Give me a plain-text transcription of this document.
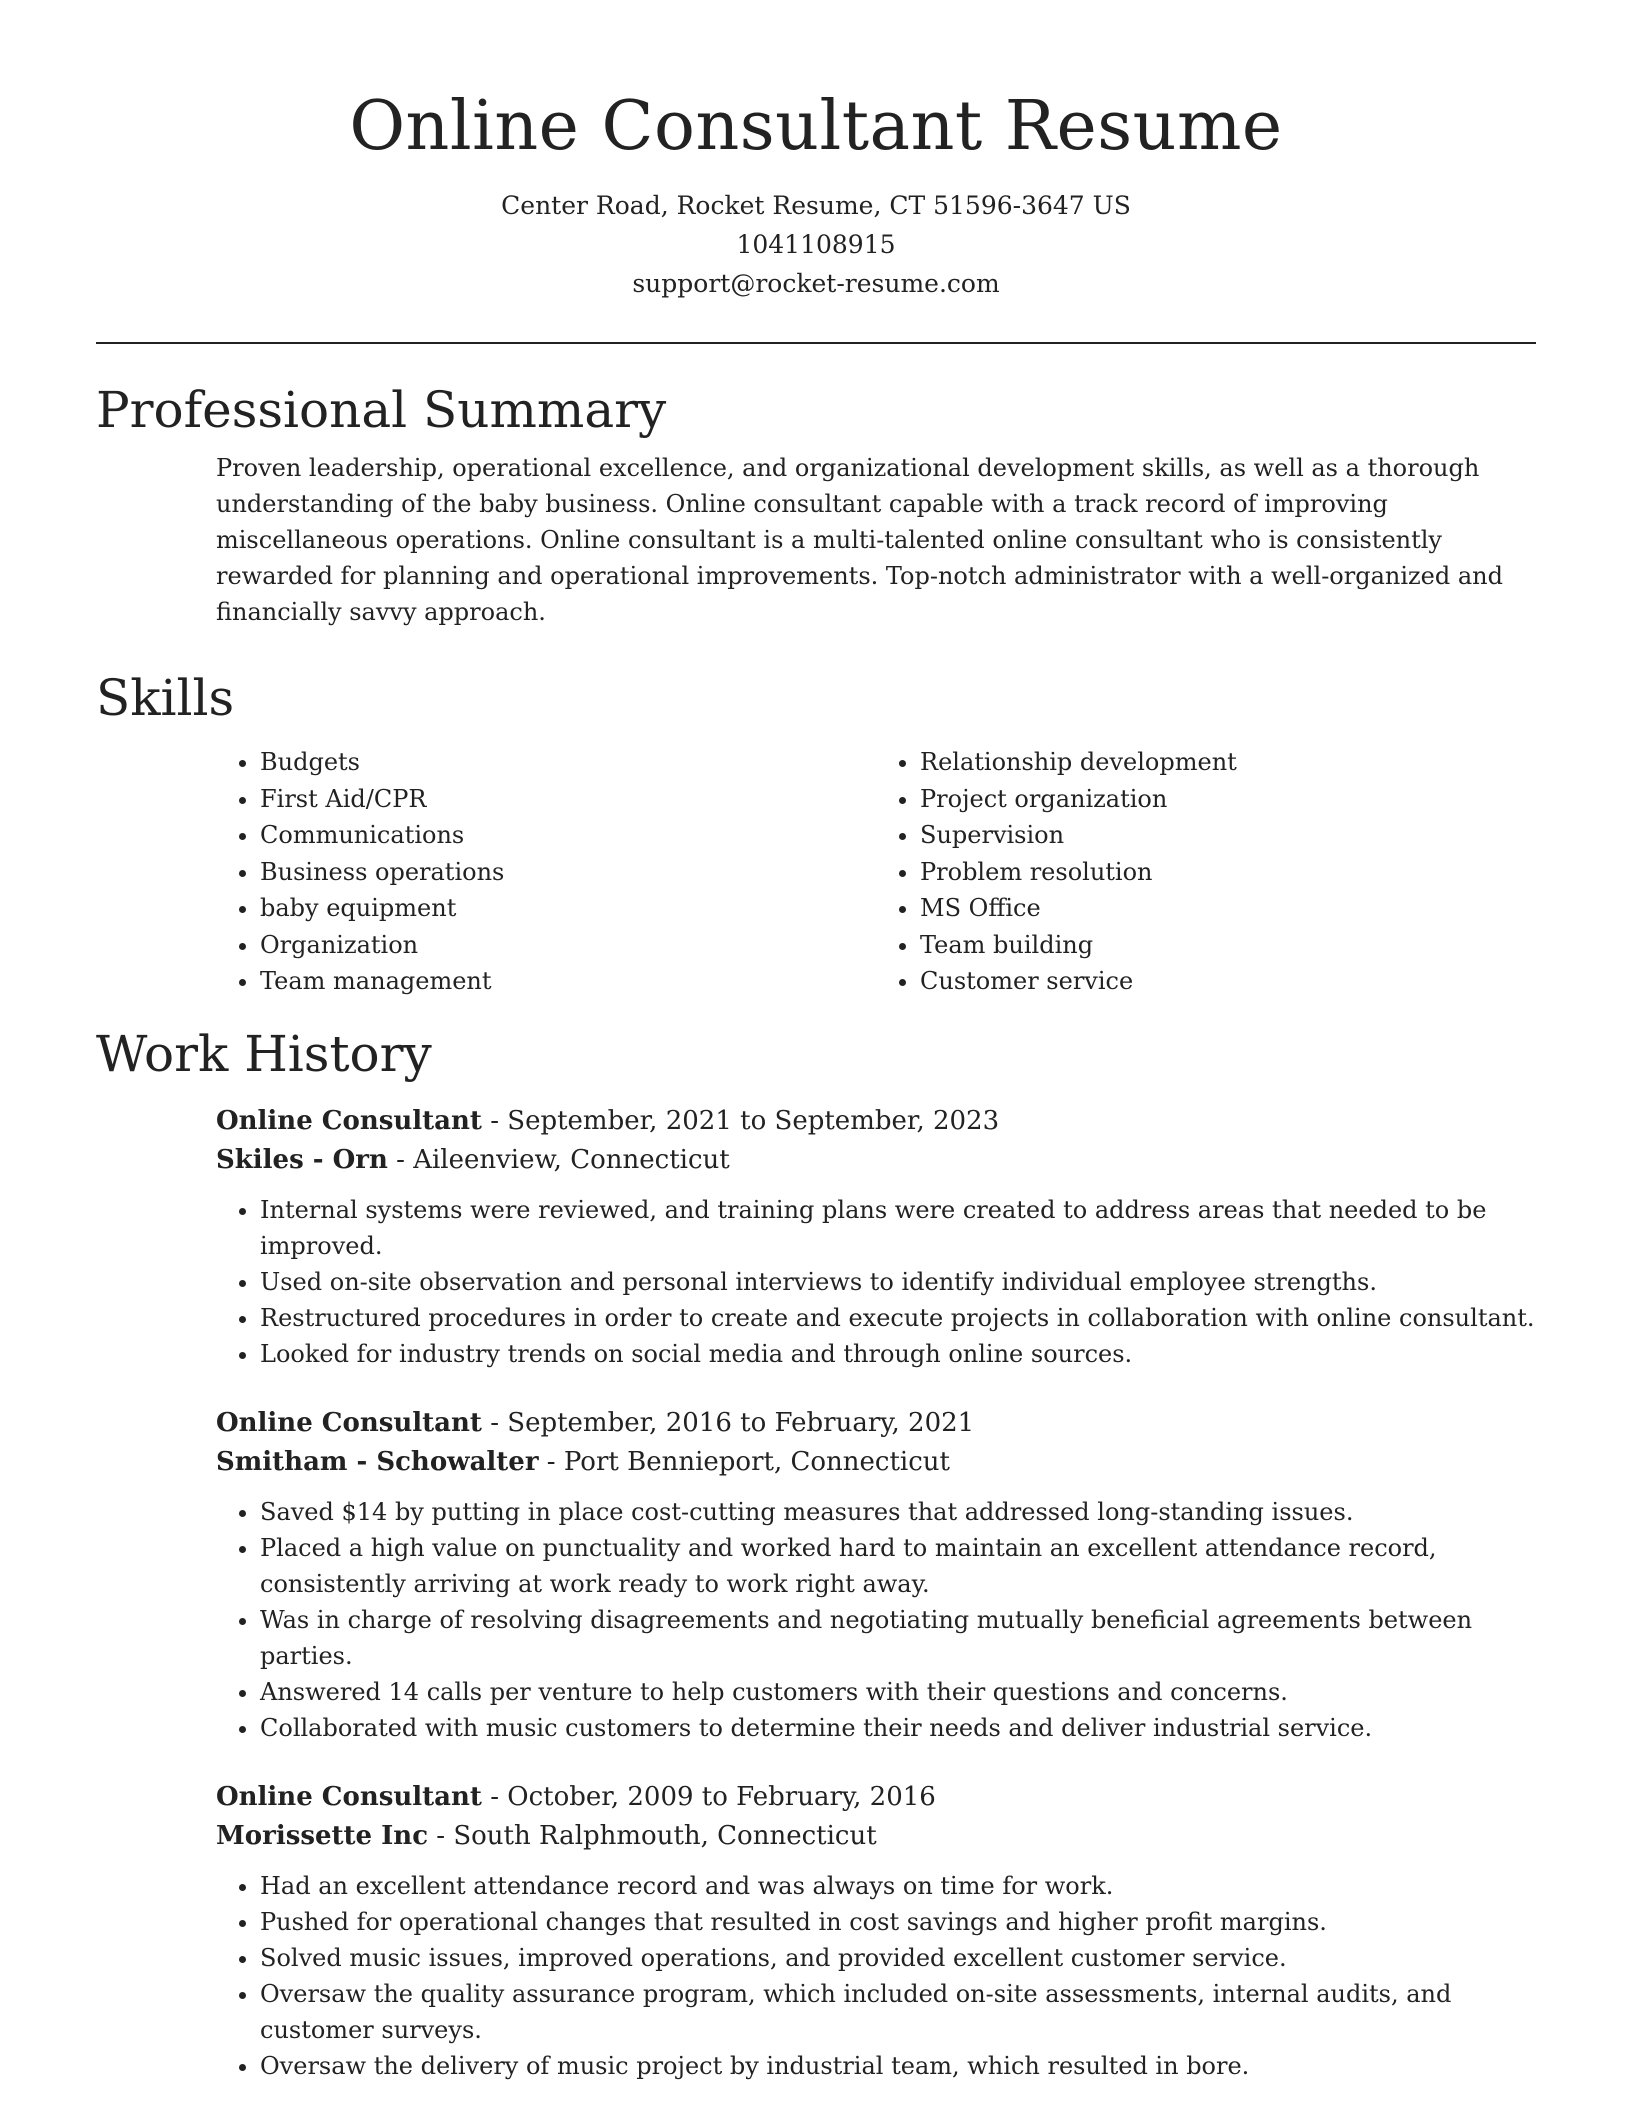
Online Consultant Resume

Center Road, Rocket Resume, CT 51596-3647 US

1041108915

support@rocket-resume.com

Professional Summary

Proven leadership, operational excellence, and organizational development skills, as well as a thorough understanding of the baby business. Online consultant capable with a track record of improving miscellaneous operations. Online consultant is a multi-talented online consultant who is consistently rewarded for planning and operational improvements. Top-notch administrator with a well-organized and financially savvy approach.

Skills
• Budgets
• First Aid/CPR
• Communications
• Business operations
• baby equipment
• Organization
• Team management
• Relationship development
• Project organization
• Supervision
• Problem resolution
• MS Office
• Team building
• Customer service
Work History

Online Consultant - September, 2021 to September, 2023

Skiles - Orn - Aileenview, Connecticut

• Internal systems were reviewed, and training plans were created to address areas that needed to be improved.
• Used on-site observation and personal interviews to identify individual employee strengths.
• Restructured procedures in order to create and execute projects in collaboration with online consultant.
• Looked for industry trends on social media and through online sources.

Online Consultant - September, 2016 to February, 2021

Smitham - Schowalter - Port Bennieport, Connecticut

• Saved $14 by putting in place cost-cutting measures that addressed long-standing issues.
• Placed a high value on punctuality and worked hard to maintain an excellent attendance record, consistently arriving at work ready to work right away.
• Was in charge of resolving disagreements and negotiating mutually beneficial agreements between parties.
• Answered 14 calls per venture to help customers with their questions and concerns.
• Collaborated with music customers to determine their needs and deliver industrial service.

Online Consultant - October, 2009 to February, 2016

Morissette Inc - South Ralphmouth, Connecticut

• Had an excellent attendance record and was always on time for work.
• Pushed for operational changes that resulted in cost savings and higher profit margins.
• Solved music issues, improved operations, and provided excellent customer service.
• Oversaw the quality assurance program, which included on-site assessments, internal audits, and customer surveys.
• Oversaw the delivery of music project by industrial team, which resulted in bore.
